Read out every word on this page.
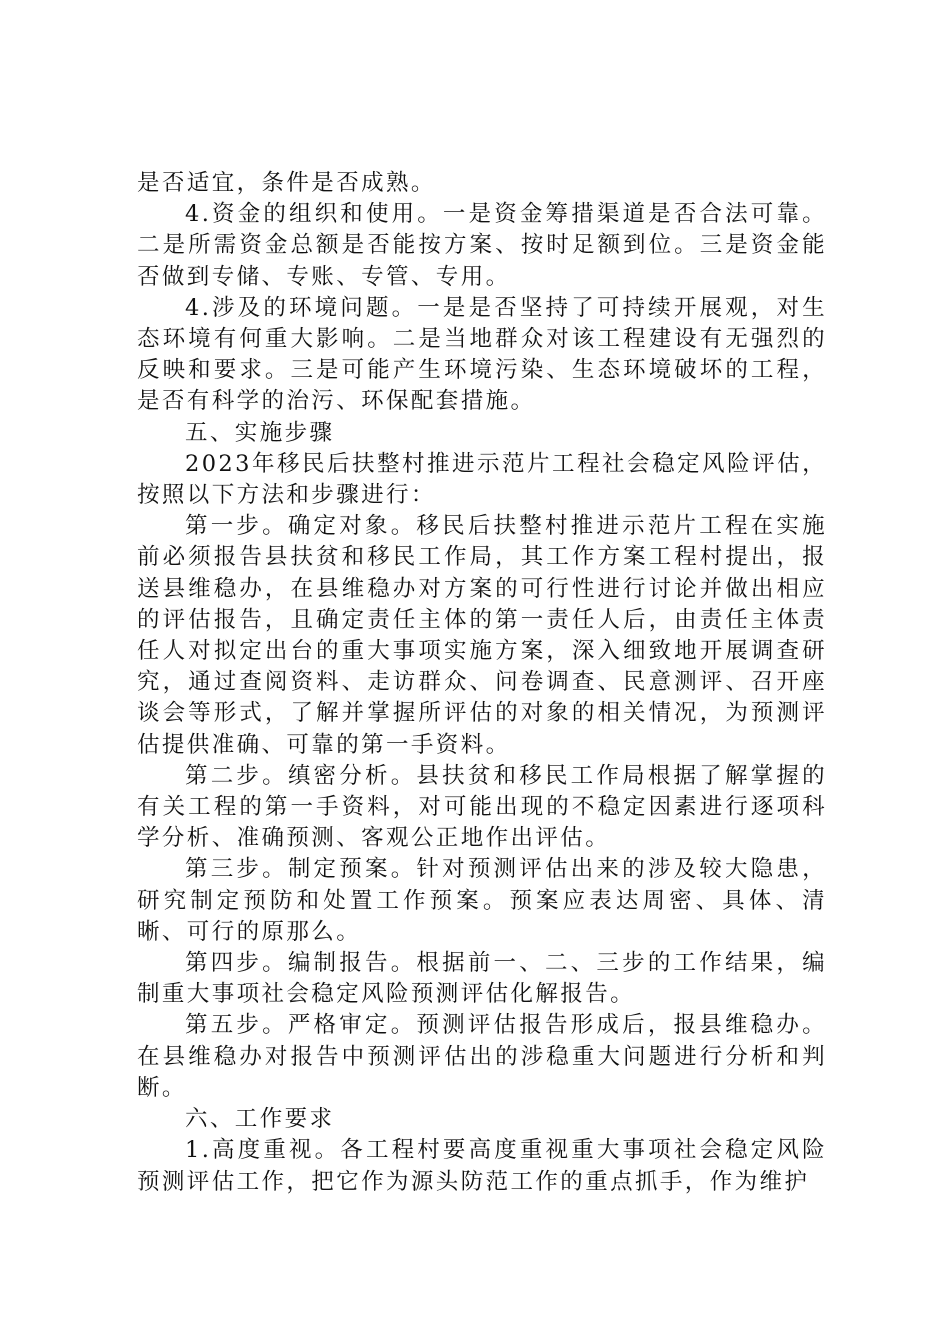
是否适宜，条件是否成熟。

4.资金的组织和使用。一是资金筹措渠道是否合法可靠。二是所需资金总额是否能按方案、按时足额到位。三是资金能否做到专储、专账、专管、专用。

4.涉及的环境问题。一是是否坚持了可持续开展观，对生态环境有何重大影响。二是当地群众对该工程建设有无强烈的反映和要求。三是可能产生环境污染、生态环境破坏的工程，是否有科学的治污、环保配套措施。

五、实施步骤

2023年移民后扶整村推进示范片工程社会稳定风险评估，按照以下方法和步骤进行：

第一步。确定对象。移民后扶整村推进示范片工程在实施前必须报告县扶贫和移民工作局，其工作方案工程村提出，报送县维稳办，在县维稳办对方案的可行性进行讨论并做出相应的评估报告，且确定责任主体的第一责任人后，由责任主体责任人对拟定出台的重大事项实施方案，深入细致地开展调查研究，通过查阅资料、走访群众、问卷调查、民意测评、召开座谈会等形式，了解并掌握所评估的对象的相关情况，为预测评估提供准确、可靠的第一手资料。

第二步。缜密分析。县扶贫和移民工作局根据了解掌握的有关工程的第一手资料，对可能出现的不稳定因素进行逐项科学分析、准确预测、客观公正地作出评估。

第三步。制定预案。针对预测评估出来的涉及较大隐患，研究制定预防和处置工作预案。预案应表达周密、具体、清晰、可行的原那么。

第四步。编制报告。根据前一、二、三步的工作结果，编制重大事项社会稳定风险预测评估化解报告。

第五步。严格审定。预测评估报告形成后，报县维稳办。在县维稳办对报告中预测评估出的涉稳重大问题进行分析和判断。

六、工作要求

1.高度重视。各工程村要高度重视重大事项社会稳定风险预测评估工作，把它作为源头防范工作的重点抓手，作为维护
